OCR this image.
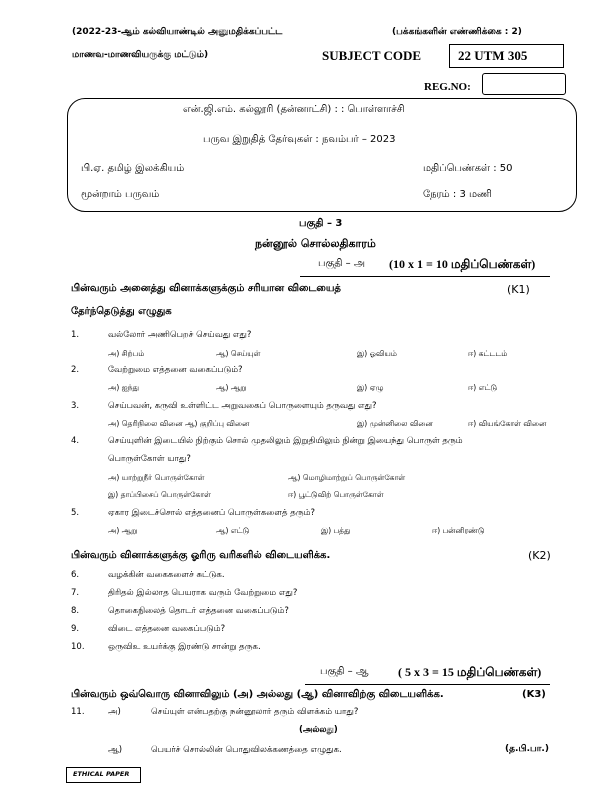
(2022-23-ஆம் கல்வியாண்டில் அனுமதிக்கப்பட்ட	(பக்கங்களின் எண்ணிக்கை : 2)
மாணவ-மாணவியருக்கு மட்டும்)	SUBJECT CODE	22 UTM 305
REG.NO:
என்.ஜி.எம். கல்லூரி (தன்னாட்சி) : : பொள்ளாச்சி
பருவ இறுதித் தேர்வுகள் : நவம்பர் – 2023
பி.ஏ. தமிழ் இலக்கியம்	மதிப்பெண்கள் : 50
மூன்றாம் பருவம்	நேரம் : 3 மணி
பகுதி – 3
நன்னூல் சொல்லதிகாரம்
பகுதி – அ (10 x 1 = 10 மதிப்பெண்கள்)
பின்வரும் அனைத்து வினாக்களுக்கும் சரியான விடையைத்	(K1)
தேர்ந்தெடுத்து எழுதுக
1.	வல்லோர் அணிபெறச் செய்வது எது?
அ) சிற்பம்	ஆ) செய்யுள்	இ) ஓவியம்	ஈ) கட்டடம்
2.	வேற்றுமை எத்தனை வகைப்படும்?
அ) ஐந்து	ஆ) ஆறு	இ) ஏழு	ஈ) எட்டு
3.	செய்பவன், கருவி உள்ளிட்ட அறுவகைப் பொருளையும் தருவது எது?
அ) தெரிநிலை வினை ஆ) குறிப்பு வினை	இ) முன்னிலை வினை	ஈ) வியங்கோள் வினை
4.	செய்யுளின் இடையில் நிற்கும் சொல் முதலிலும் இறுதியிலும் நின்று இயைந்து பொருள் தரும்
பொருள்கோள் யாது?
அ) யாற்றுநீர் பொருள்கோள்	ஆ) மொழிமாற்றுப் பொருள்கோள்
இ) தாப்பிசைப் பொருள்கோள்	ஈ) பூட்டுவிற் பொருள்கோள்
5.	ஏகார இடைச்சொல் எத்தனைப் பொருள்களைத் தரும்?
அ) ஆறு	ஆ) எட்டு	இ) பத்து	ஈ) பன்னிரண்டு
பின்வரும் வினாக்களுக்கு ஓரிரு வரிகளில் விடையளிக்க.	(K2)
6.	வழக்கின் வகைகளைச் சுட்டுக.
7.	திரிதல் இல்லாத பெயராக வரும் வேற்றுமை எது?
8.	தொகைநிலைத் தொடர் எத்தனை வகைப்படும்?
9.	விடை எத்தனை வகைப்படும்?
10.	ஒருவிஉ உயர்க்கு இரண்டு சான்று தருக.
பகுதி – ஆ ( 5 x 3 = 15 மதிப்பெண்கள்)
பின்வரும் ஒவ்வொரு வினாவிலும் (அ) அல்லது (ஆ) வினாவிற்கு விடையளிக்க.	(K3)
11.	அ)	செய்யுள் என்பதற்கு நன்னூலார் தரும் விளக்கம் யாது?
(அல்லது)
ஆ)	பெயர்ச் சொல்லின் பொதுவிலக்கணத்தை எழுதுக.	(த.பி.பா.)
ETHICAL PAPER
